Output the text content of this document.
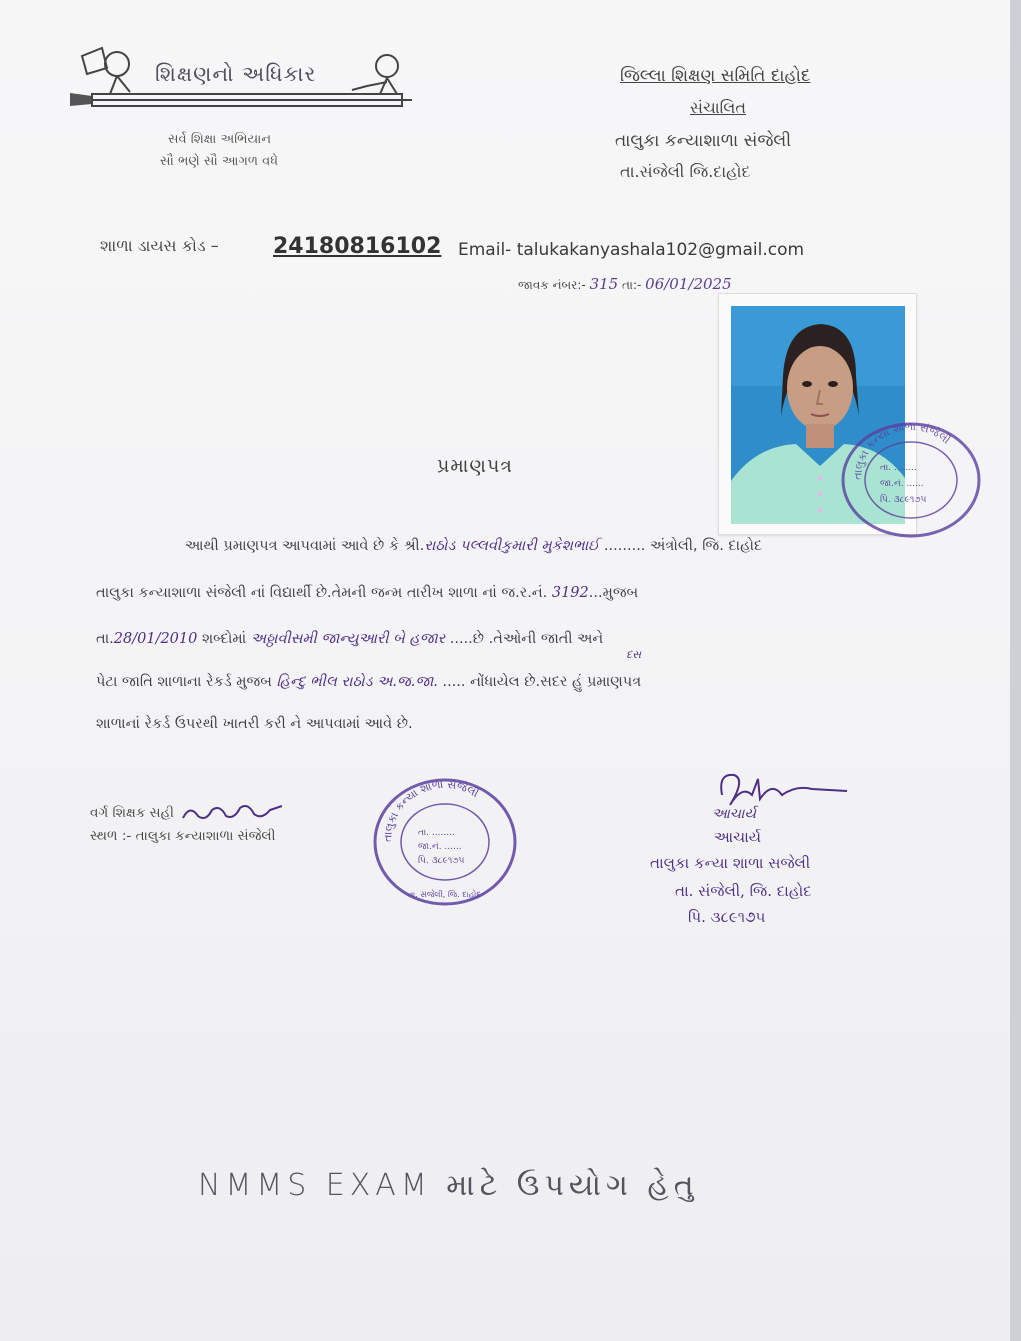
શિક્ષણનો અધિકાર
સર્વ શિક્ષા અભિયાન
સૌ ભણે સૌ આગળ વધે
જિલ્લા શિક્ષણ સમિતિ દાહોદ
સંચાલિત
તાલુકા કન્યાશાળા સંજેલી
તા.સંજેલી જિ.દાહોદ
શાળા ડાયસ કોડ – 24180816102 Email- talukakanyashala102@gmail.com
જાવક નંબર:- 315 તા:- 06/01/2025
તાલુકા કન્યા શાળા સંજેલી
તા. ........
જા.નં. ......
પિ. ૩૮૯૧૭૫
પ્રમાણપત્ર
આથી પ્રમાણપત્ર આપવામાં આવે છે કે શ્રી.રાઠોડ પલ્લવીકુમારી મુકેશભાઈ ......... અંત્રોલી, જિ. દાહોદ
તાલુકા કન્યાશાળા સંજેલી નાં વિદ્યાર્થી છે.તેમની જન્મ તારીખ શાળા નાં જ.ર.નં. 3192...મુજબ
દસ
તા.28/01/2010 શબ્દોમાં અઠ્ઠાવીસમી જાન્યુઆરી બે હજાર .....છે .તેઓની જાતી અને
પેટા જાતિ શાળાના રેકર્ડ મુજબ હિન્દુ ભીલ રાઠોડ અ.જ.જા. ..... નોંધાયેલ છે.સદર હું પ્રમાણપત્ર
શાળાનાં રેકર્ડ ઉપરથી ખાતરી કરી ને આપવામાં આવે છે.
વર્ગ શિક્ષક સહી
સ્થળ :- તાલુકા કન્યાશાળા સંજેલી	તાલુકા કન્યા શાળા સંજેલી
તા. ........
જા.નં. ......
પિ. ૩૮૯૧૭૫
તા. સંજેલી, જિ. દાહોદ
આચાર્ય
આચાર્ય
તાલુકા કન્યા શાળા સજેલી
તા. સંજેલી, જિ. દાહોદ
પિ. ૩૮૯૧૭૫
NMMS EXAM માટે ઉપયોગ હેતુ
